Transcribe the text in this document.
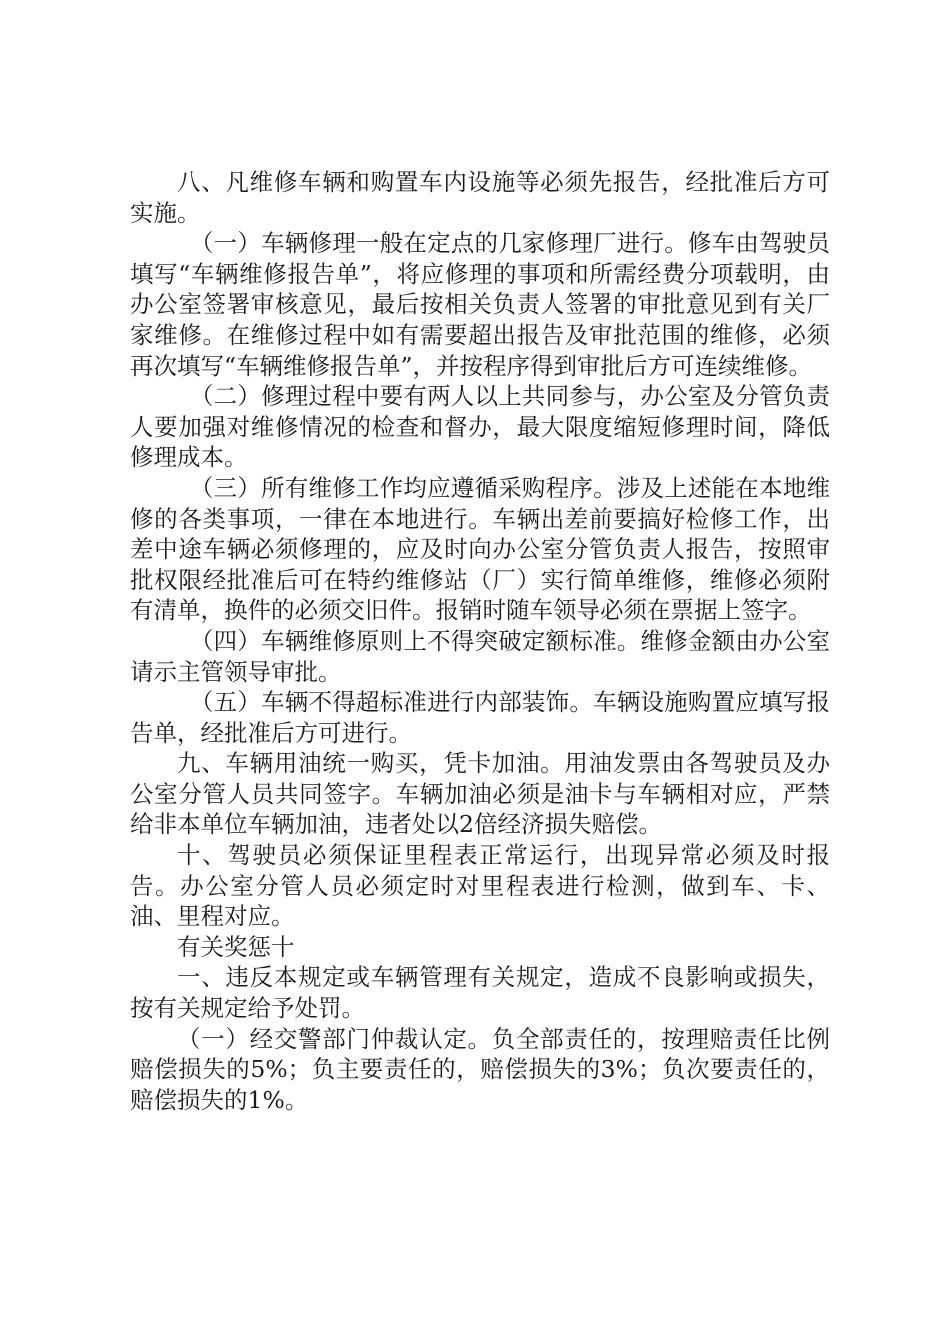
八、凡维修车辆和购置车内设施等必须先报告，经批准后方可实施。

（一）车辆修理一般在定点的几家修理厂进行。修车由驾驶员填写“车辆维修报告单”，将应修理的事项和所需经费分项载明，由办公室签署审核意见，最后按相关负责人签署的审批意见到有关厂家维修。在维修过程中如有需要超出报告及审批范围的维修，必须再次填写“车辆维修报告单”，并按程序得到审批后方可连续维修。

（二）修理过程中要有两人以上共同参与，办公室及分管负责人要加强对维修情况的检查和督办，最大限度缩短修理时间，降低修理成本。

（三）所有维修工作均应遵循采购程序。涉及上述能在本地维修的各类事项，一律在本地进行。车辆出差前要搞好检修工作，出差中途车辆必须修理的，应及时向办公室分管负责人报告，按照审批权限经批准后可在特约维修站（厂）实行简单维修，维修必须附有清单，换件的必须交旧件。报销时随车领导必须在票据上签字。

（四）车辆维修原则上不得突破定额标准。维修金额由办公室请示主管领导审批。

（五）车辆不得超标准进行内部装饰。车辆设施购置应填写报告单，经批准后方可进行。

九、车辆用油统一购买，凭卡加油。用油发票由各驾驶员及办公室分管人员共同签字。车辆加油必须是油卡与车辆相对应，严禁给非本单位车辆加油，违者处以2倍经济损失赔偿。

十、驾驶员必须保证里程表正常运行，出现异常必须及时报告。办公室分管人员必须定时对里程表进行检测，做到车、卡、油、里程对应。

有关奖惩十

一、违反本规定或车辆管理有关规定，造成不良影响或损失，按有关规定给予处罚。

（一）经交警部门仲裁认定。负全部责任的，按理赔责任比例赔偿损失的5%；负主要责任的，赔偿损失的3%；负次要责任的，赔偿损失的1%。
